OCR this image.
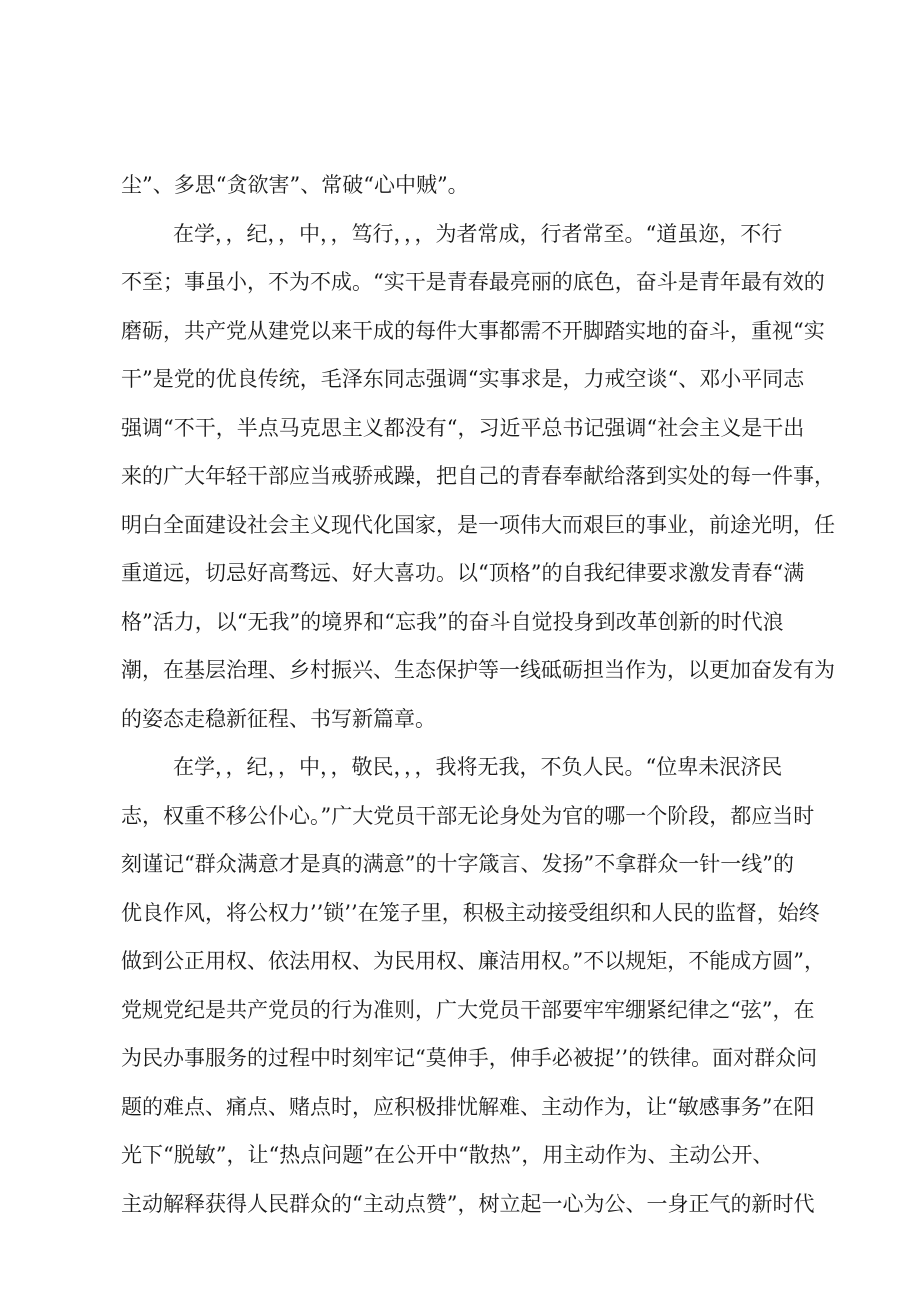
尘”、多思“贪欲害”、常破“心中贼”。
在学，，纪，，中，，笃行，，，为者常成，行者常至。“道虽迩，不行
不至；事虽小，不为不成。“实干是青春最亮丽的底色，奋斗是青年最有效的
磨砺，共产党从建党以来干成的每件大事都需不开脚踏实地的奋斗，重视“实
干”是党的优良传统，毛泽东同志强调“实事求是，力戒空谈“、邓小平同志
强调“不干，半点马克思主义都没有“，习近平总书记强调“社会主义是干出
来的广大年轻干部应当戒骄戒躁，把自己的青春奉献给落到实处的每一件事，
明白全面建设社会主义现代化国家，是一项伟大而艰巨的事业，前途光明，任
重道远，切忌好高骛远、好大喜功。以“顶格”的自我纪律要求激发青春“满
格”活力，以“无我”的境界和“忘我”的奋斗自觉投身到改革创新的时代浪
潮，在基层治理、乡村振兴、生态保护等一线砥砺担当作为，以更加奋发有为
的姿态走稳新征程、书写新篇章。
在学，，纪，，中，，敬民，，，我将无我，不负人民。“位卑未泯济民
志，权重不移公仆心。”广大党员干部无论身处为官的哪一个阶段，都应当时
刻谨记“群众满意才是真的满意”的十字箴言、发扬”不拿群众一针一线”的
优良作风，将公权力’’锁’’在笼子里，积极主动接受组织和人民的监督，始终
做到公正用权、依法用权、为民用权、廉洁用权。”不以规矩，不能成方圆”，
党规党纪是共产党员的行为准则，广大党员干部要牢牢绷紧纪律之“弦”，在
为民办事服务的过程中时刻牢记“莫伸手，伸手必被捉’’的铁律。面对群众问
题的难点、痛点、赌点时，应积极排忧解难、主动作为，让“敏感事务”在阳
光下“脱敏”，让“热点问题”在公开中“散热”，用主动作为、主动公开、
主动解释获得人民群众的“主动点赞”，树立起一心为公、一身正气的新时代
